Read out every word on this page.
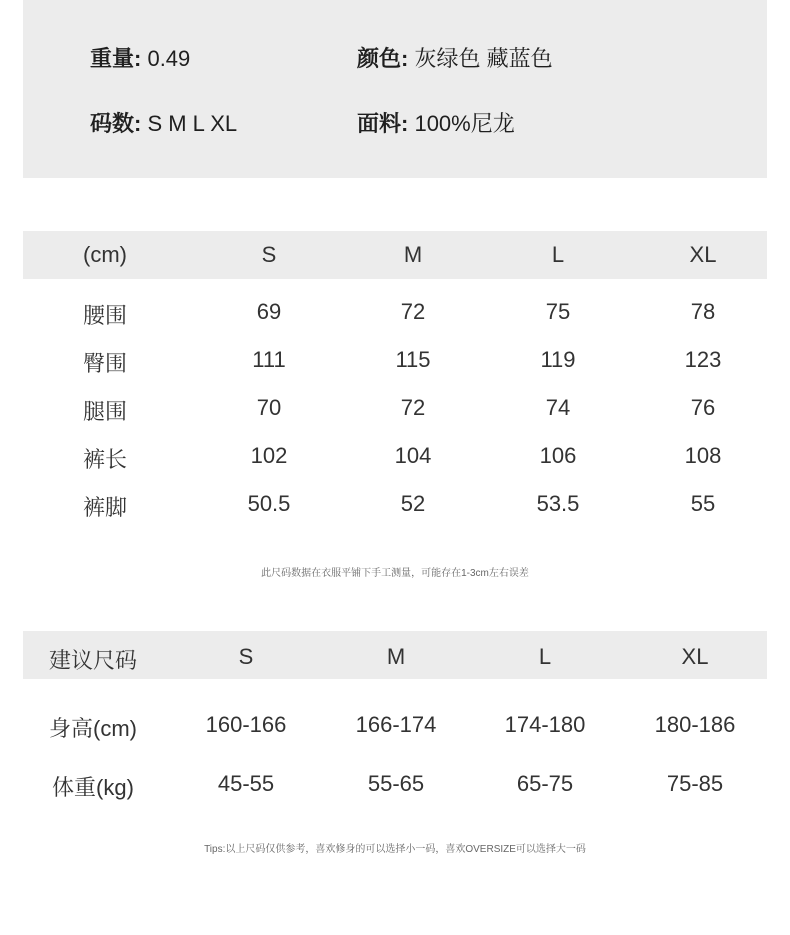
重量: 0.49	颜色: 灰绿色 藏蓝色
码数: S M L XL	面料: 100%尼龙
(cm)	S	M	L	XL
腰围	69	72	75	78
臀围	111	115	119	123
腿围	70	72	74	76
裤长	102	104	106	108
裤脚	50.5	52	53.5	55
此尺码数据在衣服平铺下手工测量，可能存在1-3cm左右误差
建议尺码	S	M	L	XL
身高(cm)	160-166	166-174	174-180	180-186
体重(kg)	45-55	55-65	65-75	75-85
Tips:以上尺码仅供参考，喜欢修身的可以选择小一码，喜欢OVERSIZE可以选择大一码
